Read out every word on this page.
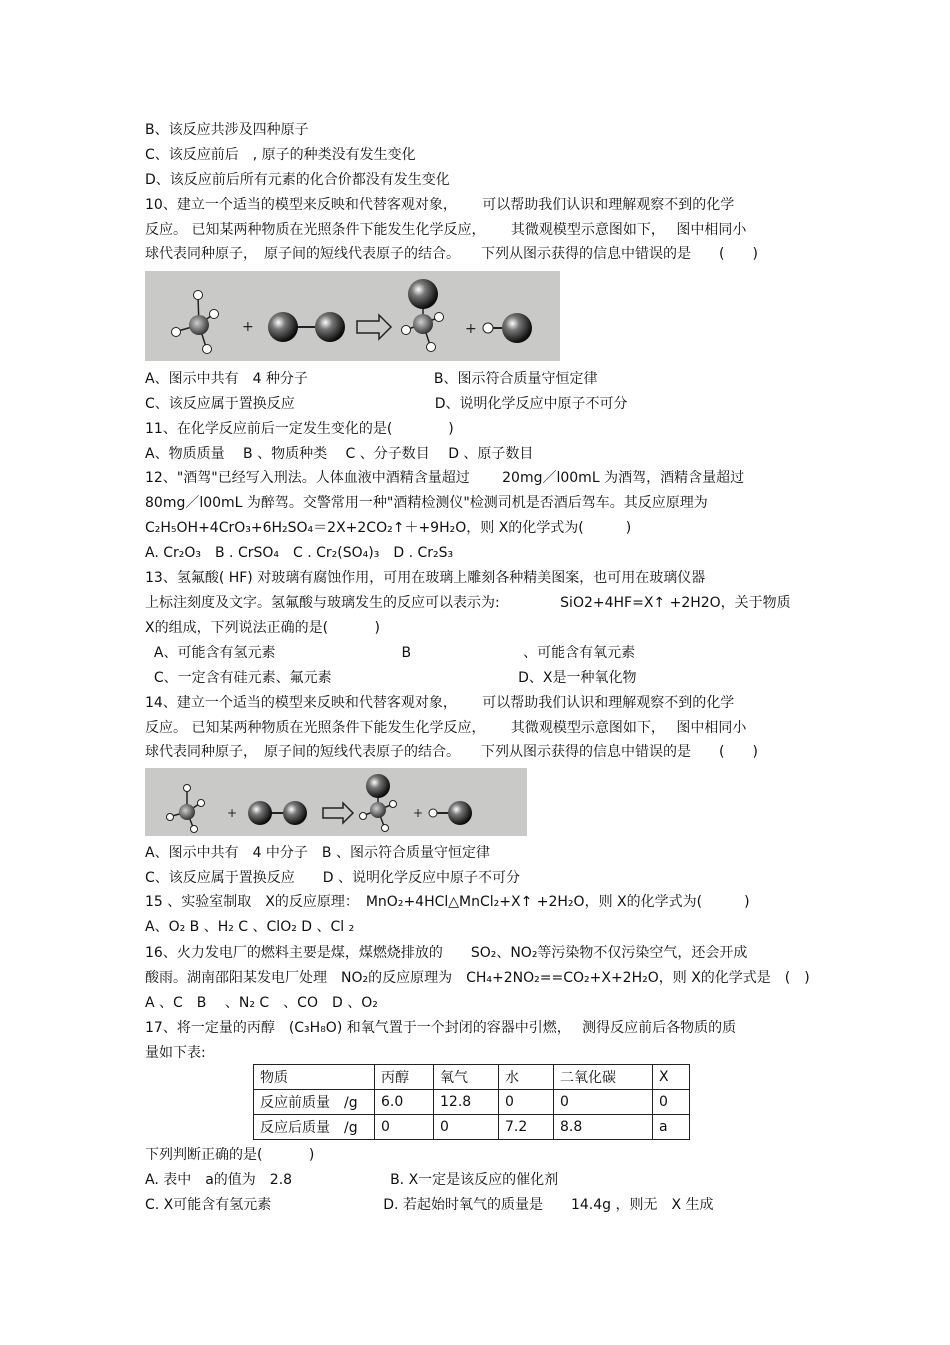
B、该反应共涉及四种原子
C、该反应前后　, 原子的种类没有发生变化
D、该反应前后所有元素的化合价都没有发生变化
10、建立一个适当的模型来反映和代替客观对象，　　 可以帮助我们认识和理解观察不到的化学
反应。 已知某两种物质在光照条件下能发生化学反应，　　 其微观模型示意图如下，　 图中相同小
球代表同种原子，　原子间的短线代表原子的结合。　　下列从图示获得的信息中错误的是　　(　　)
A、图示中共有　4 种分子　　　　　　　　　B、图示符合质量守恒定律
C、该反应属于置换反应　　　　　　　　　　D、说明化学反应中原子不可分
11、在化学反应前后一定发生变化的是(　　　　)
A、物质质量　 B 、物质种类　 C 、分子数目　 D 、原子数目
12、"酒驾"已经写入刑法。人体血液中酒精含量超过　　 20mg／l00mL 为酒驾，酒精含量超过
80mg／l00mL 为醉驾。交警常用一种"酒精检测仪"检测司机是否酒后驾车。其反应原理为
C₂H₅OH+4CrO₃+6H₂SO₄＝2X+2CO₂↑＋+9H₂O，则 X的化学式为(　　　)
A. Cr₂O₃　B . CrSO₄　C . Cr₂(SO₄)₃　D . Cr₂S₃
13、氢氟酸( HF) 对玻璃有腐蚀作用，可用在玻璃上雕刻各种精美图案，也可用在玻璃仪器
上标注刻度及文字。氢氟酸与玻璃发生的反应可以表示为:　　　　 SiO2+4HF=X↑ +2H2O，关于物质
X的组成，下列说法正确的是(　　　 )
A、可能含有氢元素　　　　　　　　　B　　　　　　　　、可能含有氧元素
C、一定含有硅元素、氟元素　　　　　　　　　　　　　 D、X是一种氧化物
14、建立一个适当的模型来反映和代替客观对象，　　 可以帮助我们认识和理解观察不到的化学
反应。 已知某两种物质在光照条件下能发生化学反应，　　 其微观模型示意图如下，　 图中相同小
球代表同种原子，　原子间的短线代表原子的结合。　　下列从图示获得的信息中错误的是　　(　　)
A、图示中共有　4 中分子　B 、图示符合质量守恒定律
C、该反应属于置换反应　　D 、说明化学反应中原子不可分
15 、实验室制取　X的反应原理：　MnO₂+4HCl△MnCl₂+X↑ +2H₂O，则 X的化学式为(　　　)
A、O₂ B 、H₂ C 、ClO₂ D 、Cl ₂
16、火力发电厂的燃料主要是煤，煤燃烧排放的　　SO₂、NO₂等污染物不仅污染空气，还会开成
酸雨。湖南邵阳某发电厂处理　NO₂的反应原理为　CH₄+2NO₂==CO₂+X+2H₂O，则 X的化学式是　(　)
A 、C　B 　、N₂ C　、CO　D 、O₂
17、将一定量的丙醇　(C₃H₈O) 和氧气置于一个封闭的容器中引燃，　 测得反应前后各物质的质
量如下表:
下列判断正确的是(　　　 )
A. 表中　a的值为　2.8　　　　　　　B. X一定是该反应的催化剂
C. X可能含有氢元素　　　　　　　　D. 若起始时氧气的质量是　　14.4g ，则无　X 生成
+	+
+	+
物质	丙醇	氧气	水	二氧化碳	X
反应前质量　/g	6.0	12.8	0	0	0
反应后质量　/g	0	0	7.2	8.8	a
